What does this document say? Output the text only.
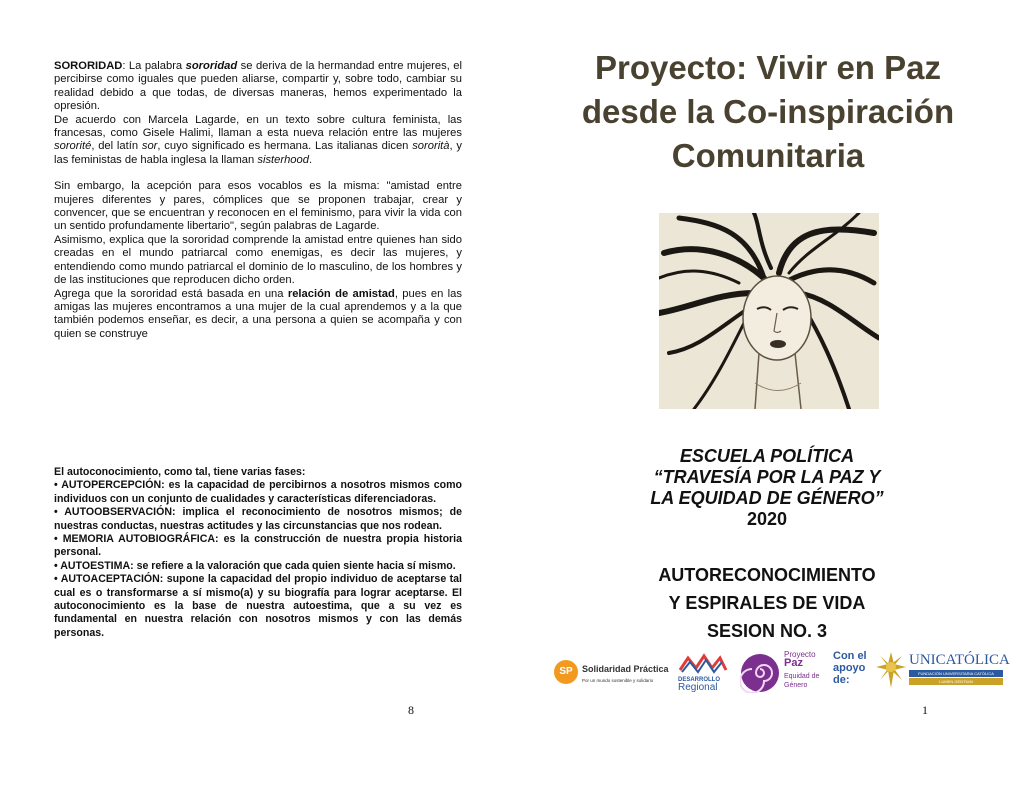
SORORIDAD: La palabra sororidad se deriva de la hermandad entre mujeres, el percibirse como iguales que pueden aliarse, compartir y, sobre todo, cambiar su realidad debido a que todas, de diversas maneras, hemos experimentado la opresión.

De acuerdo con Marcela Lagarde, en un texto sobre cultura feminista, las francesas, como Gisele Halimi, llaman a esta nueva relación entre las mujeres sororité, del latín sor, cuyo significado es hermana. Las italianas dicen sororità, y las feministas de habla inglesa la llaman sisterhood.

Sin embargo, la acepción para esos vocablos es la misma: "amistad entre mujeres diferentes y pares, cómplices que se proponen trabajar, crear y convencer, que se encuentran y reconocen en el feminismo, para vivir la vida con un sentido profundamente libertario", según palabras de Lagarde.

Asimismo, explica que la sororidad comprende la amistad entre quienes han sido creadas en el mundo patriarcal como enemigas, es decir las mujeres, y entendiendo como mundo patriarcal el dominio de lo masculino, de los hombres y de las instituciones que reproducen dicho orden.

Agrega que la sororidad está basada en una relación de amistad, pues en las amigas las mujeres encontramos a una mujer de la cual aprendemos y a la que también podemos enseñar, es decir, a una persona a quien se acompaña y con quien se construye

El autoconocimiento, como tal, tiene varias fases:

• AUTOPERCEPCIÓN: es la capacidad de percibirnos a nosotros mismos como individuos con un conjunto de cualidades y características diferenciadoras.

• AUTOOBSERVACIÓN: implica el reconocimiento de nosotros mismos; de nuestras conductas, nuestras actitudes y las circunstancias que nos rodean.

• MEMORIA AUTOBIOGRÁFICA: es la construcción de nuestra propia historia personal.

• AUTOESTIMA: se refiere a la valoración que cada quien siente hacia sí mismo.

• AUTOACEPTACIÓN: supone la capacidad del propio individuo de aceptarse tal cual es o transformarse a sí mismo(a) y su biografía para lograr aceptarse. El autoconocimiento es la base de nuestra autoestima, que a su vez es fundamental en nuestra relación con nosotros mismos y con las demás personas.

8
Proyecto: Vivir en Paz
desde la Co-inspiración
Comunitaria
ESCUELA POLÍTICA
“TRAVESÍA POR LA PAZ Y
LA EQUIDAD DE GÉNERO”
2020
AUTORECONOCIMIENTO
Y ESPIRALES DE VIDA
SESION NO. 3
SP	Solidaridad Práctica
Por un mundo sostenible y solidario	DESARROLLO
Regional
Proyecto
Paz
Equidad de
Género
Con el
apoyo
de:
UNICATÓLICA
FUNDACIÓN UNIVERSITARIA CATÓLICA
LUMEN GENTIUM
1
